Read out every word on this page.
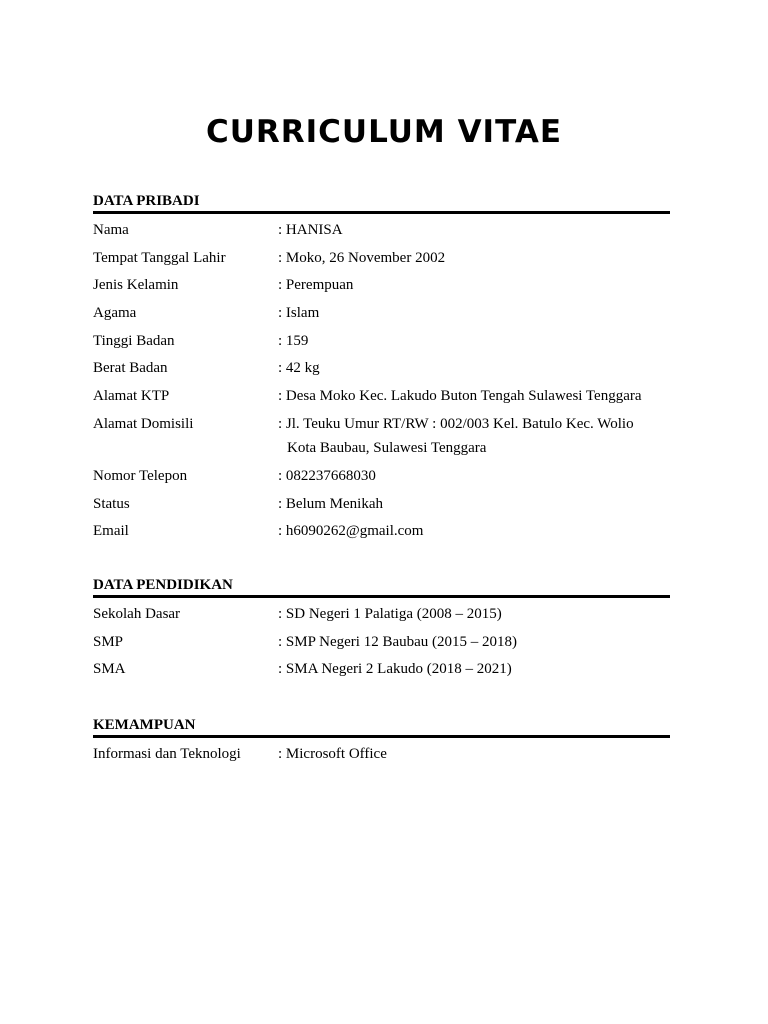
CURRICULUM VITAE
DATA PRIBADI
Nama	: HANISA
Tempat Tanggal Lahir	: Moko, 26 November 2002
Jenis Kelamin	: Perempuan
Agama	: Islam
Tinggi Badan	: 159
Berat Badan	: 42 kg
Alamat KTP	: Desa Moko Kec. Lakudo Buton Tengah Sulawesi Tenggara
Alamat Domisili	: Jl. Teuku Umur RT/RW : 002/003 Kel. Batulo Kec. Wolio
Kota Baubau, Sulawesi Tenggara
Nomor Telepon	: 082237668030
Status	: Belum Menikah
Email	: h6090262@gmail.com
DATA PENDIDIKAN
Sekolah Dasar	: SD Negeri 1 Palatiga (2008 – 2015)
SMP	: SMP Negeri 12 Baubau (2015 – 2018)
SMA	: SMA Negeri 2 Lakudo (2018 – 2021)
KEMAMPUAN
Informasi dan Teknologi	: Microsoft Office
